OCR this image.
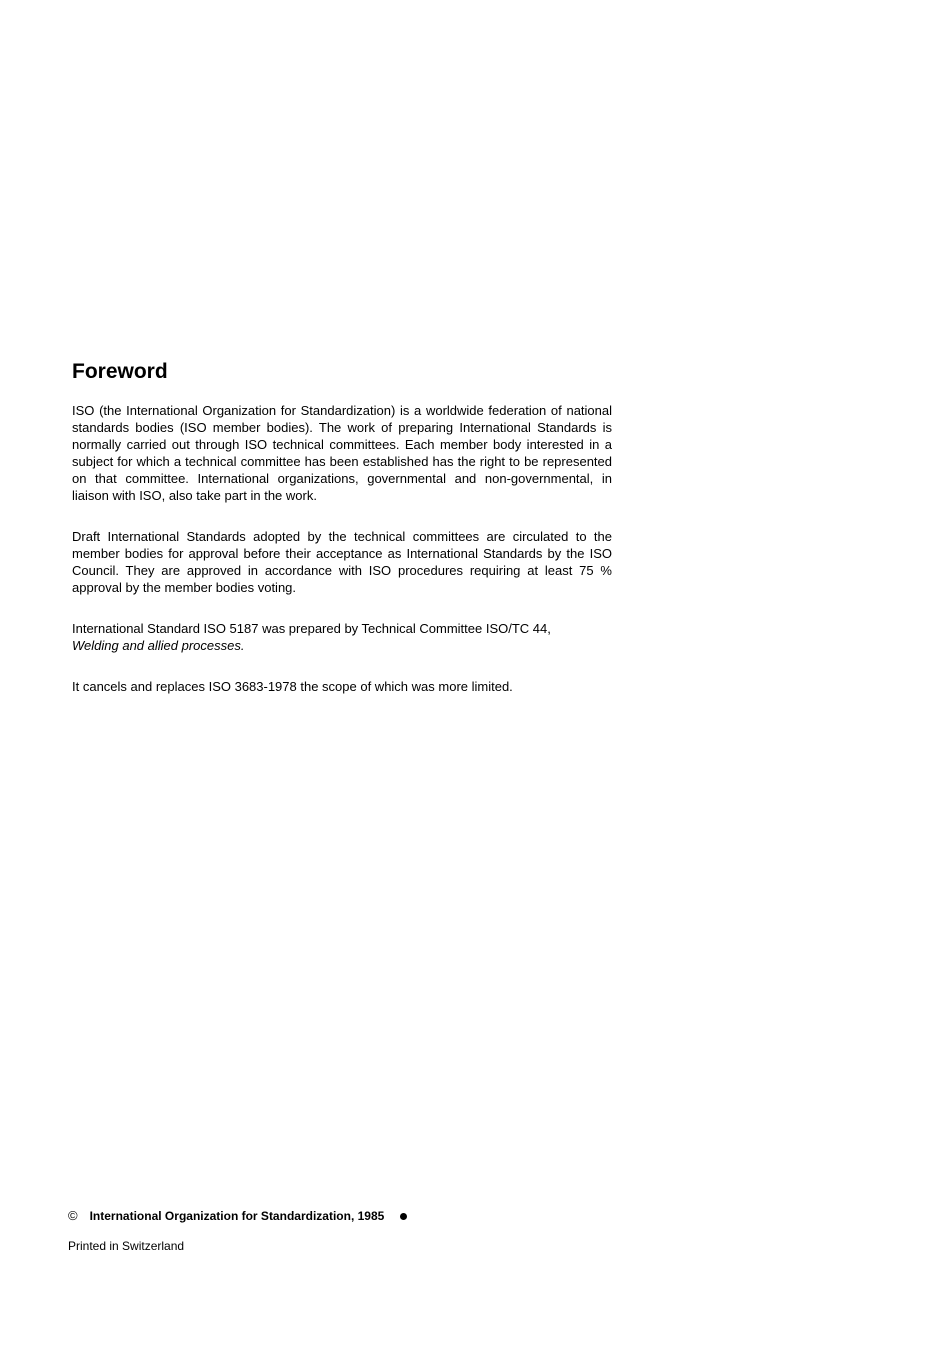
Foreword

ISO (the International Organization for Standardization) is a worldwide federation of national standards bodies (ISO member bodies). The work of preparing International Standards is normally carried out through ISO technical committees. Each member body interested in a subject for which a technical committee has been established has the right to be represented on that committee. International organizations, governmental and non-governmental, in liaison with ISO, also take part in the work.

Draft International Standards adopted by the technical committees are circulated to the member bodies for approval before their acceptance as International Standards by the ISO Council. They are approved in accordance with ISO procedures requiring at least 75 % approval by the member bodies voting.

International Standard ISO 5187 was prepared by Technical Committee ISO/TC 44,
Welding and allied processes.

It cancels and replaces ISO 3683-1978 the scope of which was more limited.

© International Organization for Standardization, 1985
Printed in Switzerland
